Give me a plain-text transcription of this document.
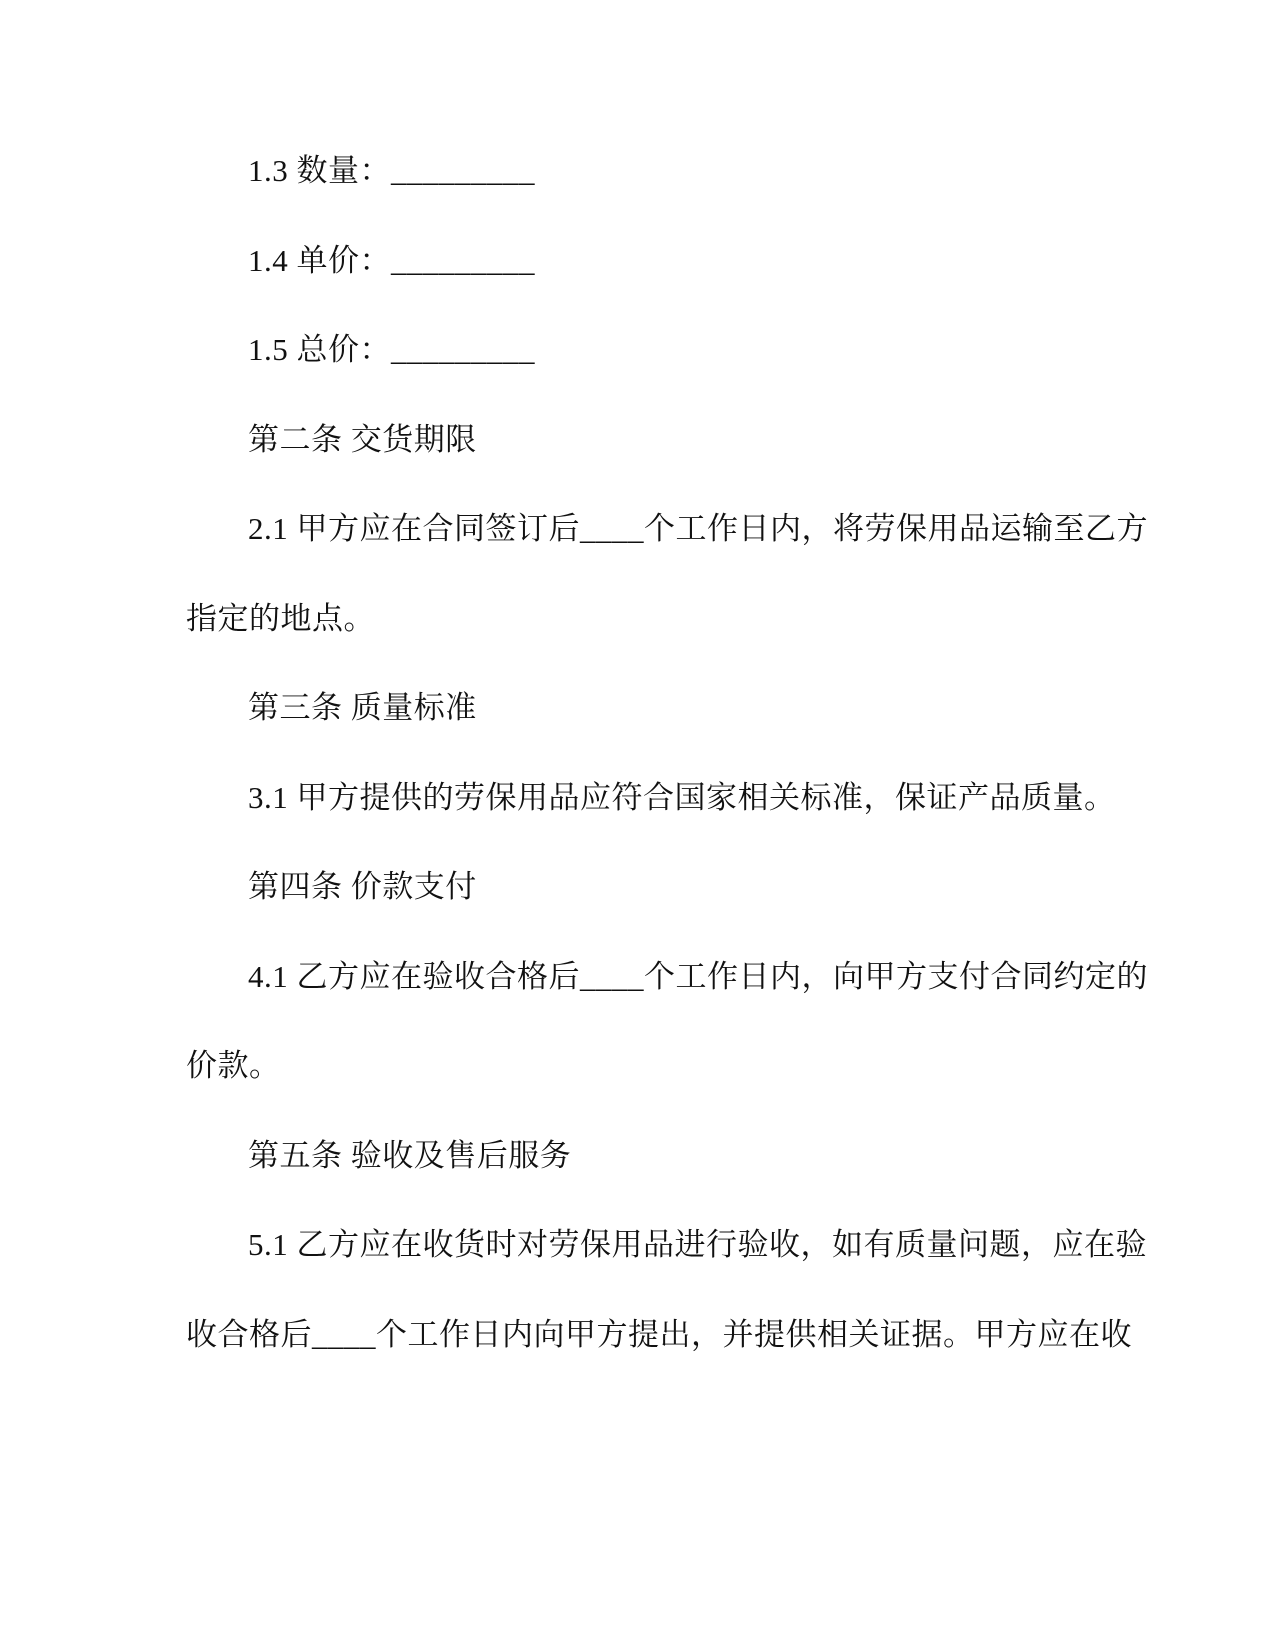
1.3 数量：_________
1.4 单价：_________
1.5 总价：_________
第二条 交货期限
2.1 甲方应在合同签订后____个工作日内，将劳保用品运输至乙方
指定的地点。
第三条 质量标准
3.1 甲方提供的劳保用品应符合国家相关标准，保证产品质量。
第四条 价款支付
4.1 乙方应在验收合格后____个工作日内，向甲方支付合同约定的
价款。
第五条 验收及售后服务
5.1 乙方应在收货时对劳保用品进行验收，如有质量问题，应在验
收合格后____个工作日内向甲方提出，并提供相关证据。甲方应在收
